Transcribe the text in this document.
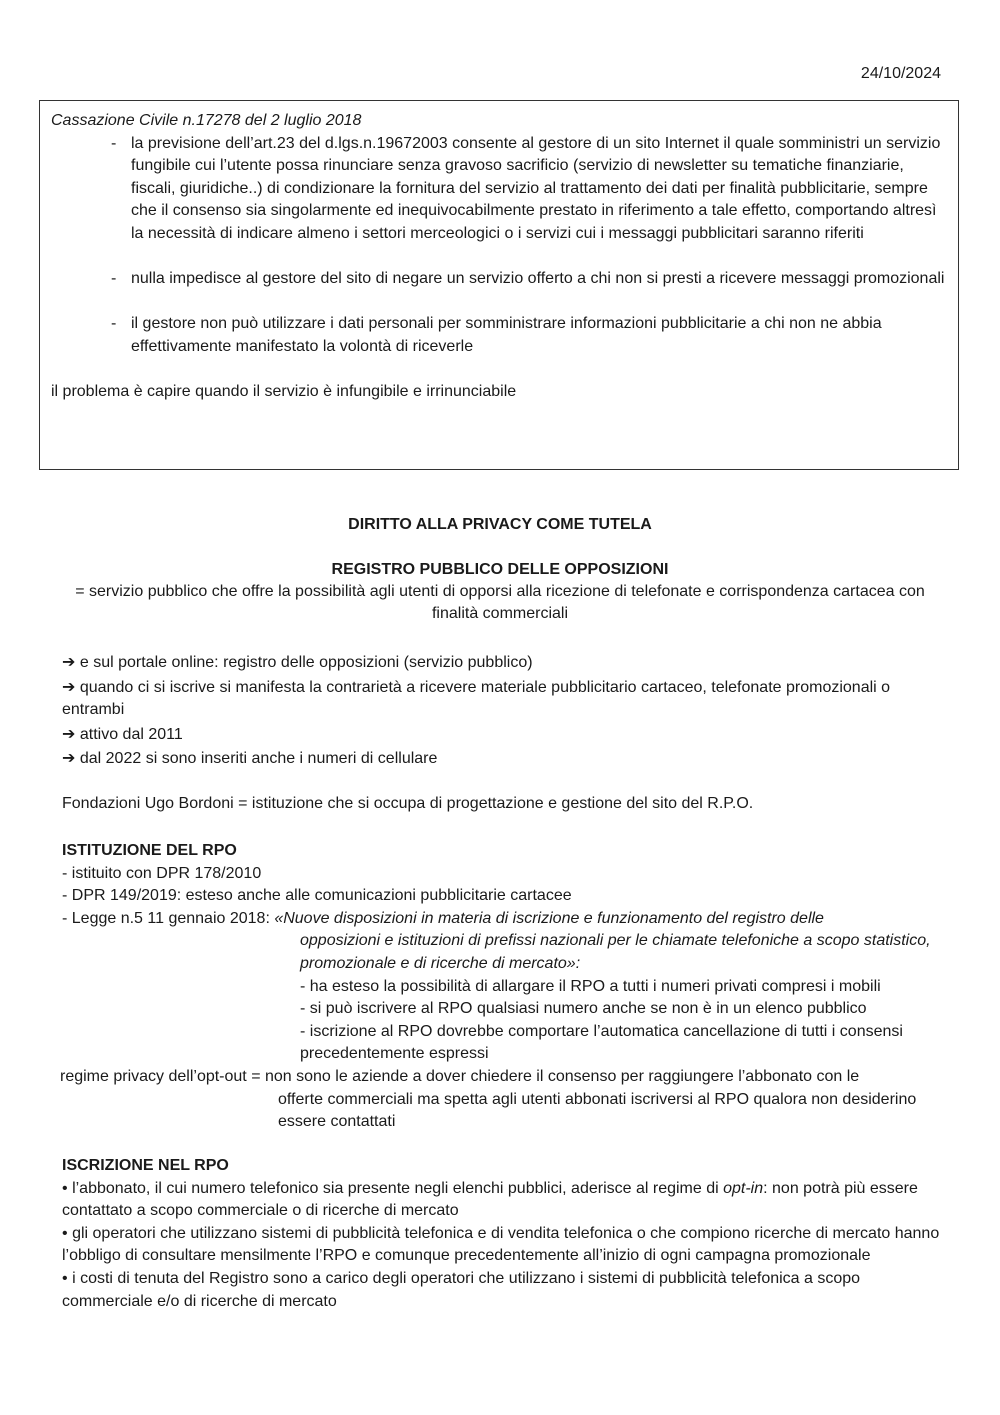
24/10/2024
Cassazione Civile n.17278 del 2 luglio 2018
- la previsione dell’art.23 del d.lgs.n.19672003 consente al gestore di un sito Internet il quale somministri un servizio fungibile cui l’utente possa rinunciare senza gravoso sacrificio (servizio di newsletter su tematiche finanziarie, fiscali, giuridiche..) di condizionare la fornitura del servizio al trattamento dei dati per finalità pubblicitarie, sempre che il consenso sia singolarmente ed inequivocabilmente prestato in riferimento a tale effetto, comportando altresì la necessità di indicare almeno i settori merceologici o i servizi cui i messaggi pubblicitari saranno riferiti
- nulla impedisce al gestore del sito di negare un servizio offerto a chi non si presti a ricevere messaggi promozionali
- il gestore non può utilizzare i dati personali per somministrare informazioni pubblicitarie a chi non ne abbia effettivamente manifestato la volontà di riceverle
il problema è capire quando il servizio è infungibile e irrinunciabile
DIRITTO ALLA PRIVACY COME TUTELA
REGISTRO PUBBLICO DELLE OPPOSIZIONI
= servizio pubblico che offre la possibilità agli utenti di opporsi alla ricezione di telefonate e corrispondenza cartacea con finalità commerciali
➔ e sul portale online: registro delle opposizioni (servizio pubblico)
➔ quando ci si iscrive si manifesta la contrarietà a ricevere materiale pubblicitario cartaceo, telefonate promozionali o entrambi
➔ attivo dal 2011
➔ dal 2022 si sono inseriti anche i numeri di cellulare
Fondazioni Ugo Bordoni = istituzione che si occupa di progettazione e gestione del sito del R.P.O.
ISTITUZIONE DEL RPO
- istituito con DPR 178/2010
- DPR 149/2019: esteso anche alle comunicazioni pubblicitarie cartacee
- Legge n.5 11 gennaio 2018: «Nuove disposizioni in materia di iscrizione e funzionamento del registro delle
opposizioni e istituzioni di prefissi nazionali per le chiamate telefoniche a scopo statistico, promozionale e di ricerche di mercato»:
- ha esteso la possibilità di allargare il RPO a tutti i numeri privati compresi i mobili
- si può iscrivere al RPO qualsiasi numero anche se non è in un elenco pubblico
- iscrizione al RPO dovrebbe comportare l’automatica cancellazione di tutti i consensi precedentemente espressi
regime privacy dell’opt-out = non sono le aziende a dover chiedere il consenso per raggiungere l’abbonato con le
offerte commerciali ma spetta agli utenti abbonati iscriversi al RPO qualora non desiderino essere contattati
ISCRIZIONE NEL RPO
• l’abbonato, il cui numero telefonico sia presente negli elenchi pubblici, aderisce al regime di opt-in: non potrà più essere contattato a scopo commerciale o di ricerche di mercato
• gli operatori che utilizzano sistemi di pubblicità telefonica e di vendita telefonica o che compiono ricerche di mercato hanno l’obbligo di consultare mensilmente l’RPO e comunque precedentemente all’inizio di ogni campagna promozionale
• i costi di tenuta del Registro sono a carico degli operatori che utilizzano i sistemi di pubblicità telefonica a scopo commerciale e/o di ricerche di mercato
